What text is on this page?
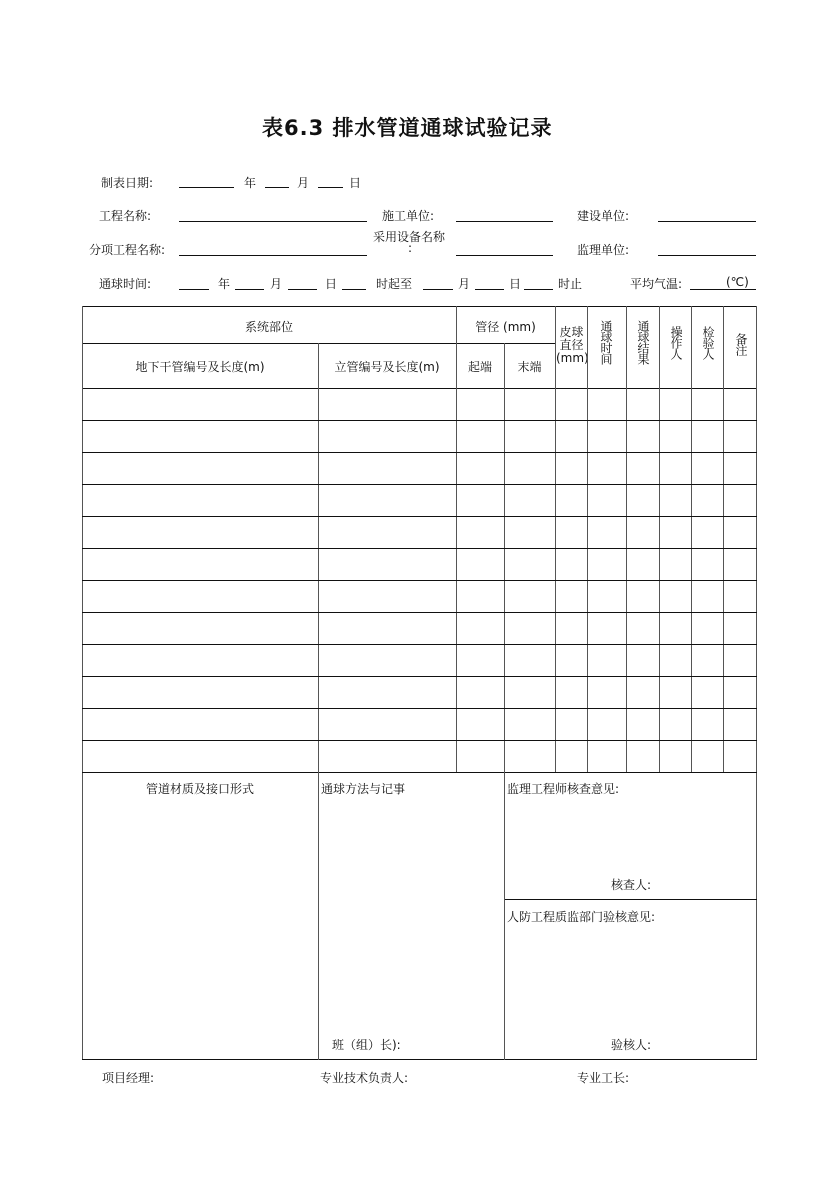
表6.3 排水管道通球试验记录
制表日期:	年	月	日
工程名称:	施工单位:	建设单位:
分项工程名称:
采用设备名称
:	监理单位:
通球时间:	年	月	日	时起至	月	日	时止	平均气温:	(℃)
系统部位	管径 (mm)
地下干管编号及长度(m)	立管编号及长度(m)	起端	末端
皮球直径(mm) 通球时间 通球结果 操作人 检验人 备注
管道材质及接口形式	通球方法与记事
班（组）长):
监理工程师核查意见:
核查人:
人防工程质监部门验核意见:
验核人:
项目经理:	专业技术负责人:	专业工长:
